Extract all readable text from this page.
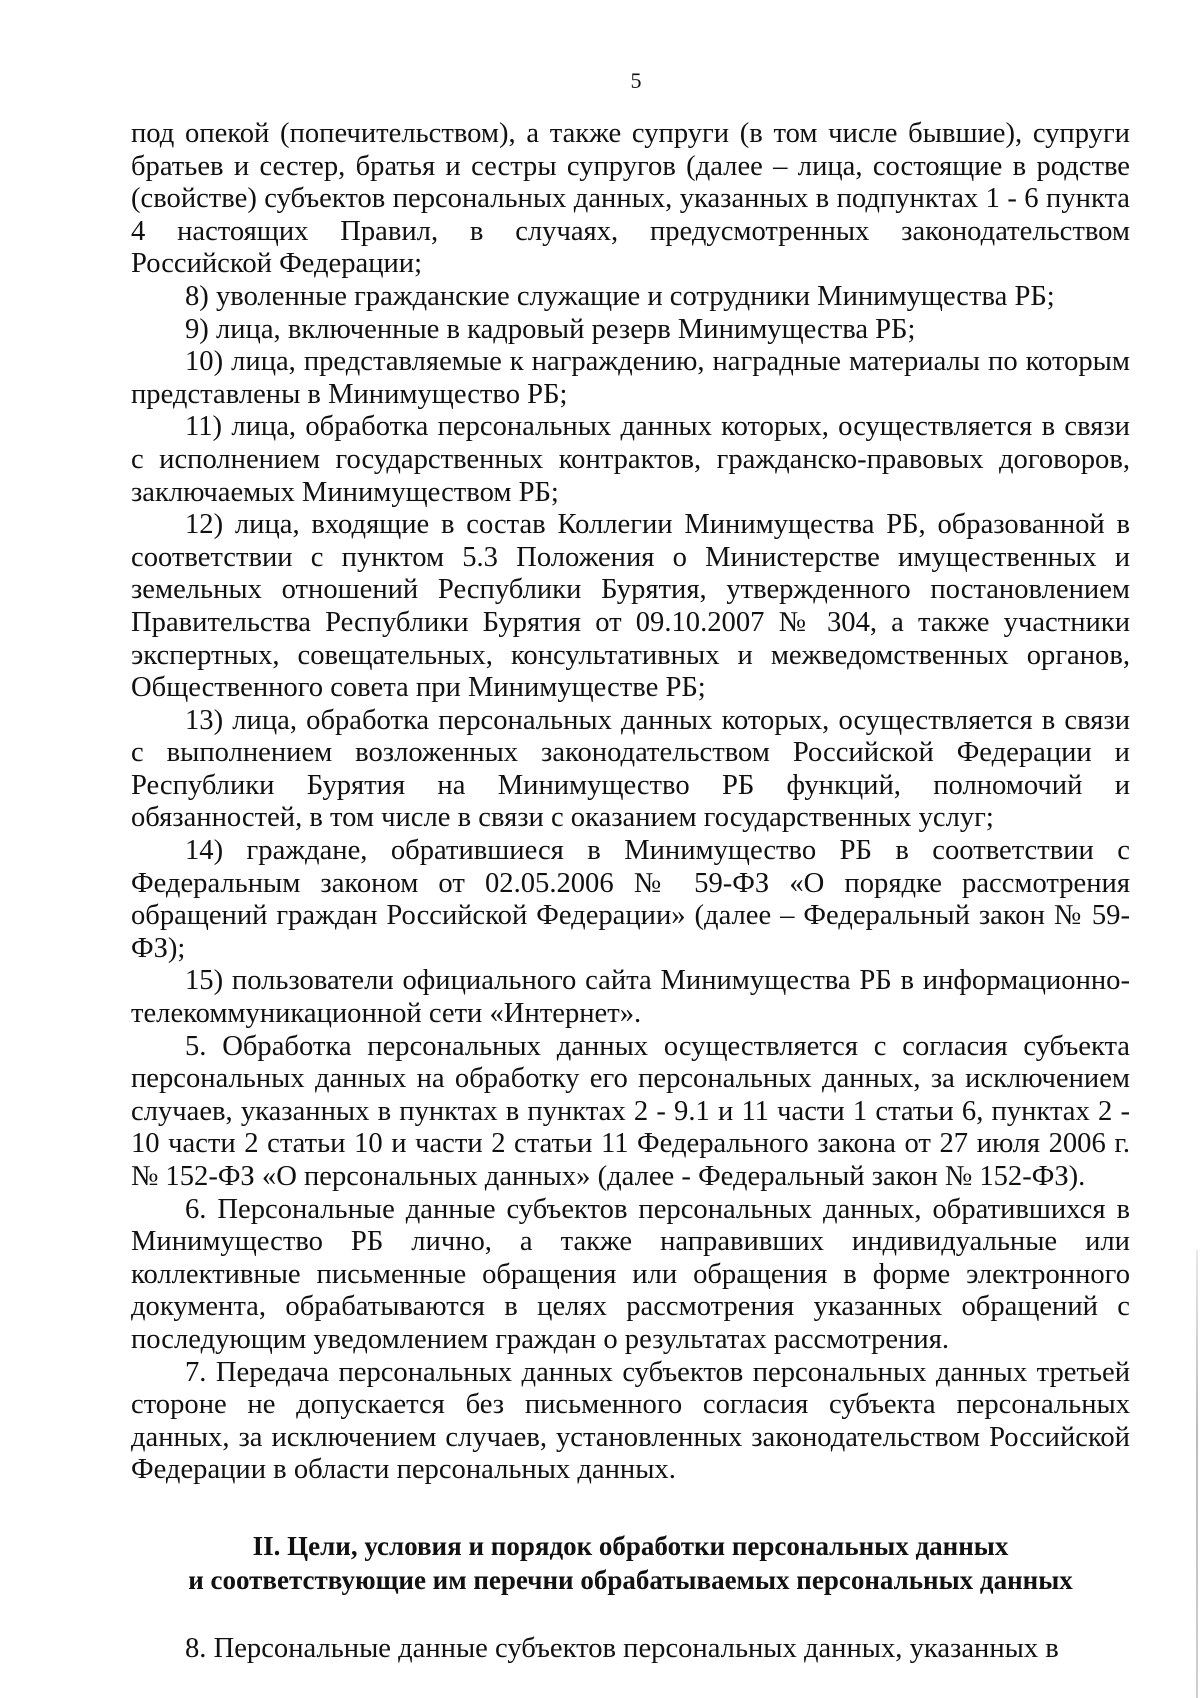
5

под опекой (попечительством), а также супруги (в том числе бывшие), супруги братьев и сестер, братья и сестры супругов (далее – лица, состоящие в родстве (свойстве) субъектов персональных данных, указанных в подпунктах 1 - 6 пункта 4 настоящих Правил, в случаях, предусмотренных законодательством Российской Федерации;

8) уволенные гражданские служащие и сотрудники Минимущества РБ;

9) лица, включенные в кадровый резерв Минимущества РБ;

10) лица, представляемые к награждению, наградные материалы по которым представлены в Минимущество РБ;

11) лица, обработка персональных данных которых, осуществляется в связи с исполнением государственных контрактов, гражданско-правовых договоров, заключаемых Минимуществом РБ;

12) лица, входящие в состав Коллегии Минимущества РБ, образованной в соответствии с пунктом 5.3 Положения о Министерстве имущественных и земельных отношений Республики Бурятия, утвержденного постановлением Правительства Республики Бурятия от 09.10.2007 № 304, а также участники экспертных, совещательных, консультативных и межведомственных органов, Общественного совета при Минимуществе РБ;

13) лица, обработка персональных данных которых, осуществляется в связи с выполнением возложенных законодательством Российской Федерации и Республики Бурятия на Минимущество РБ функций, полномочий и обязанностей, в том числе в связи с оказанием государственных услуг;

14) граждане, обратившиеся в Минимущество РБ в соответствии с Федеральным законом от 02.05.2006 № 59-ФЗ «О порядке рассмотрения обращений граждан Российской Федерации» (далее – Федеральный закон № 59-ФЗ);

15) пользователи официального сайта Минимущества РБ в информационно-телекоммуникационной сети «Интернет».

5. Обработка персональных данных осуществляется с согласия субъекта персональных данных на обработку его персональных данных, за исключением случаев, указанных в пунктах в пунктах 2 - 9.1 и 11 части 1 статьи 6, пунктах 2 - 10 части 2 статьи 10 и части 2 статьи 11 Федерального закона от 27 июля 2006 г. № 152-ФЗ «О персональных данных» (далее - Федеральный закон № 152-ФЗ).

6. Персональные данные субъектов персональных данных, обратившихся в Минимущество РБ лично, а также направивших индивидуальные или коллективные письменные обращения или обращения в форме электронного документа, обрабатываются в целях рассмотрения указанных обращений с последующим уведомлением граждан о результатах рассмотрения.

7. Передача персональных данных субъектов персональных данных третьей стороне не допускается без письменного согласия субъекта персональных данных, за исключением случаев, установленных законодательством Российской Федерации в области персональных данных.

II. Цели, условия и порядок обработки персональных данных
и соответствующие им перечни обрабатываемых персональных данных

8. Персональные данные субъектов персональных данных, указанных в
